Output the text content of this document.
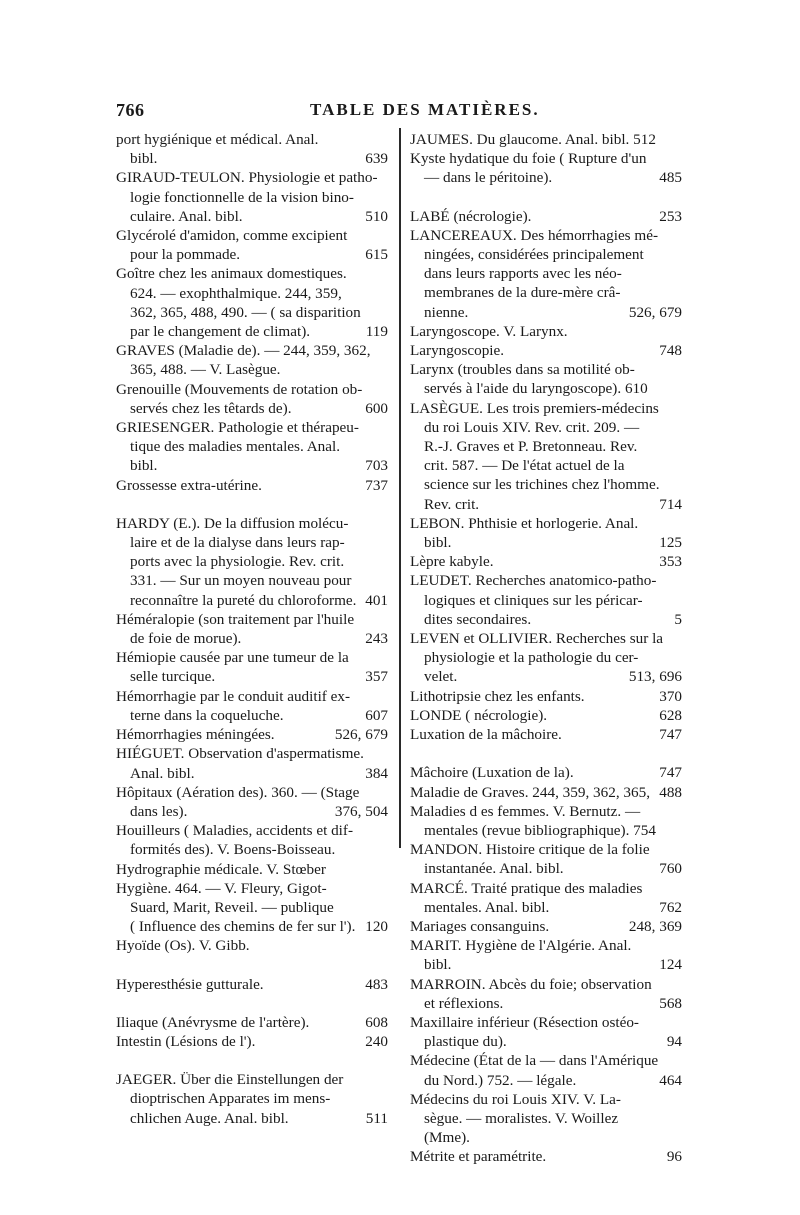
766	TABLE DES MATIÈRES.

port hygiénique et médical. Anal.

639
bibl.

GIRAUD-TEULON. Physiologie et patho-

logie fonctionnelle de la vision bino-

510
culaire. Anal. bibl.

Glycérolé d'amidon, comme excipient

615
pour la pommade.

Goître chez les animaux domestiques.

624. — exophthalmique. 244, 359,

362, 365, 488, 490. — ( sa disparition

119
par le changement de climat).

GRAVES (Maladie de). — 244, 359, 362,

365, 488. — V. Lasègue.

Grenouille (Mouvements de rotation ob-

600
servés chez les têtards de).

GRIESENGER. Pathologie et thérapeu-

tique des maladies mentales. Anal.

703
bibl.

737
Grossesse extra-utérine.

HARDY (E.). De la diffusion molécu-

laire et de la dialyse dans leurs rap-

ports avec la physiologie. Rev. crit.

331. — Sur un moyen nouveau pour

401
reconnaître la pureté du chloroforme.

Héméralopie (son traitement par l'huile

243
de foie de morue).

Hémiopie causée par une tumeur de la

357
selle turcique.

Hémorrhagie par le conduit auditif ex-

607
terne dans la coqueluche.

526, 679
Hémorrhagies méningées.

HIÉGUET. Observation d'aspermatisme.

384
Anal. bibl.

Hôpitaux (Aération des). 360. — (Stage

376, 504
dans les).

Houilleurs ( Maladies, accidents et dif-

formités des). V. Boens-Boisseau.

Hydrographie médicale. V. Stœber

Hygiène. 464. — V. Fleury, Gigot-

Suard, Marit, Reveil. — publique

120
( Influence des chemins de fer sur l').

Hyoïde (Os). V. Gibb.

483
Hyperesthésie gutturale.

608
Iliaque (Anévrysme de l'artère).

240
Intestin (Lésions de l').

JAEGER. Über die Einstellungen der

dioptrischen Apparates im mens-

511
chlichen Auge. Anal. bibl.

JAUMES. Du glaucome. Anal. bibl. 512

Kyste hydatique du foie ( Rupture d'un

485
— dans le péritoine).

253
LABÉ (nécrologie).

LANCEREAUX. Des hémorrhagies mé-

ningées, considérées principalement

dans leurs rapports avec les néo-

membranes de la dure-mère crâ-

526, 679
nienne.

Laryngoscope. V. Larynx.

748
Laryngoscopie.

Larynx (troubles dans sa motilité ob-

servés à l'aide du laryngoscope). 610

LASÈGUE. Les trois premiers-médecins

du roi Louis XIV. Rev. crit. 209. —

R.-J. Graves et P. Bretonneau. Rev.

crit. 587. — De l'état actuel de la

science sur les trichines chez l'homme.

714
Rev. crit.

LEBON. Phthisie et horlogerie. Anal.

125
bibl.

353
Lèpre kabyle.

LEUDET. Recherches anatomico-patho-

logiques et cliniques sur les péricar-

5
dites secondaires.

LEVEN et OLLIVIER. Recherches sur la

physiologie et la pathologie du cer-

513, 696
velet.

370
Lithotripsie chez les enfants.

628
LONDE ( nécrologie).

747
Luxation de la mâchoire.

747
Mâchoire (Luxation de la).

488
Maladie de Graves. 244, 359, 362, 365,

Maladies d es femmes. V. Bernutz. —

mentales (revue bibliographique). 754

MANDON. Histoire critique de la folie

760
instantanée. Anal. bibl.

MARCÉ. Traité pratique des maladies

762
mentales. Anal. bibl.

248, 369
Mariages consanguins.

MARIT. Hygiène de l'Algérie. Anal.

124
bibl.

MARROIN. Abcès du foie; observation

568
et réflexions.

Maxillaire inférieur (Résection ostéo-

94
plastique du).

Médecine (État de la — dans l'Amérique

464
du Nord.) 752. — légale.

Médecins du roi Louis XIV. V. La-

sègue. — moralistes. V. Woillez

(Mme).

96
Métrite et paramétrite.
